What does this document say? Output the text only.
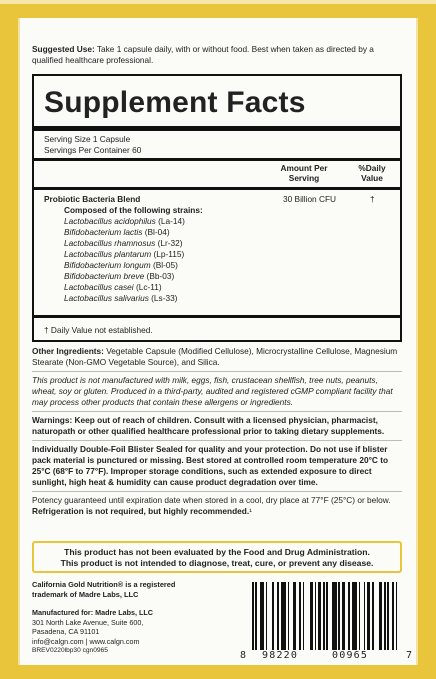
Suggested Use: Take 1 capsule daily, with or without food. Best when taken as directed by a qualified healthcare professional.

Supplement Facts
Serving Size 1 Capsule
Servings Per Container 60
Amount Per Serving
%Daily Value
Probiotic Bacteria Blend	30 Billion CFU	†
Composed of the following strains:
Lactobacillus acidophilus (La-14)
Bifidobacterium lactis (Bl-04)
Lactobacillus rhamnosus (Lr-32)
Lactobacillus plantarum (Lp-115)
Bifidobacterium longum (Bl-05)
Bifidobacterium breve (Bb-03)
Lactobacillus casei (Lc-11)
Lactobacillus salivarius (Ls-33)
† Daily Value not established.

Other Ingredients: Vegetable Capsule (Modified Cellulose), Microcrystalline Cellulose, Magnesium Stearate (Non-GMO Vegetable Source), and Silica.

This product is not manufactured with milk, eggs, fish, crustacean shellfish, tree nuts, peanuts, wheat, soy or gluten. Produced in a third-party, audited and registered cGMP compliant facility that may process other products that contain these allergens or ingredients.

Warnings: Keep out of reach of children. Consult with a licensed physician, pharmacist, naturopath or other qualified healthcare professional prior to taking dietary supplements.

Individually Double-Foil Blister Sealed for quality and your protection. Do not use if blister pack material is punctured or missing. Best stored at controlled room temperature 20°C to 25°C (68°F to 77°F). Improper storage conditions, such as extended exposure to direct sunlight, high heat & humidity can cause product degradation over time.

Potency guaranteed until expiration date when stored in a cool, dry place at 77°F (25°C) or below. Refrigeration is not required, but highly recommended.¹

This product has not been evaluated by the Food and Drug Administration.
This product is not intended to diagnose, treat, cure, or prevent any disease.
California Gold Nutrition® is a registered trademark of Madre Labs, LLC
Manufactured for: Madre Labs, LLC
301 North Lake Avenue, Suite 600,
Pasadena, CA 91101
info@calgn.com | www.calgn.com
BREV0220lbp30 cgn0965	8 98220	00965	7
